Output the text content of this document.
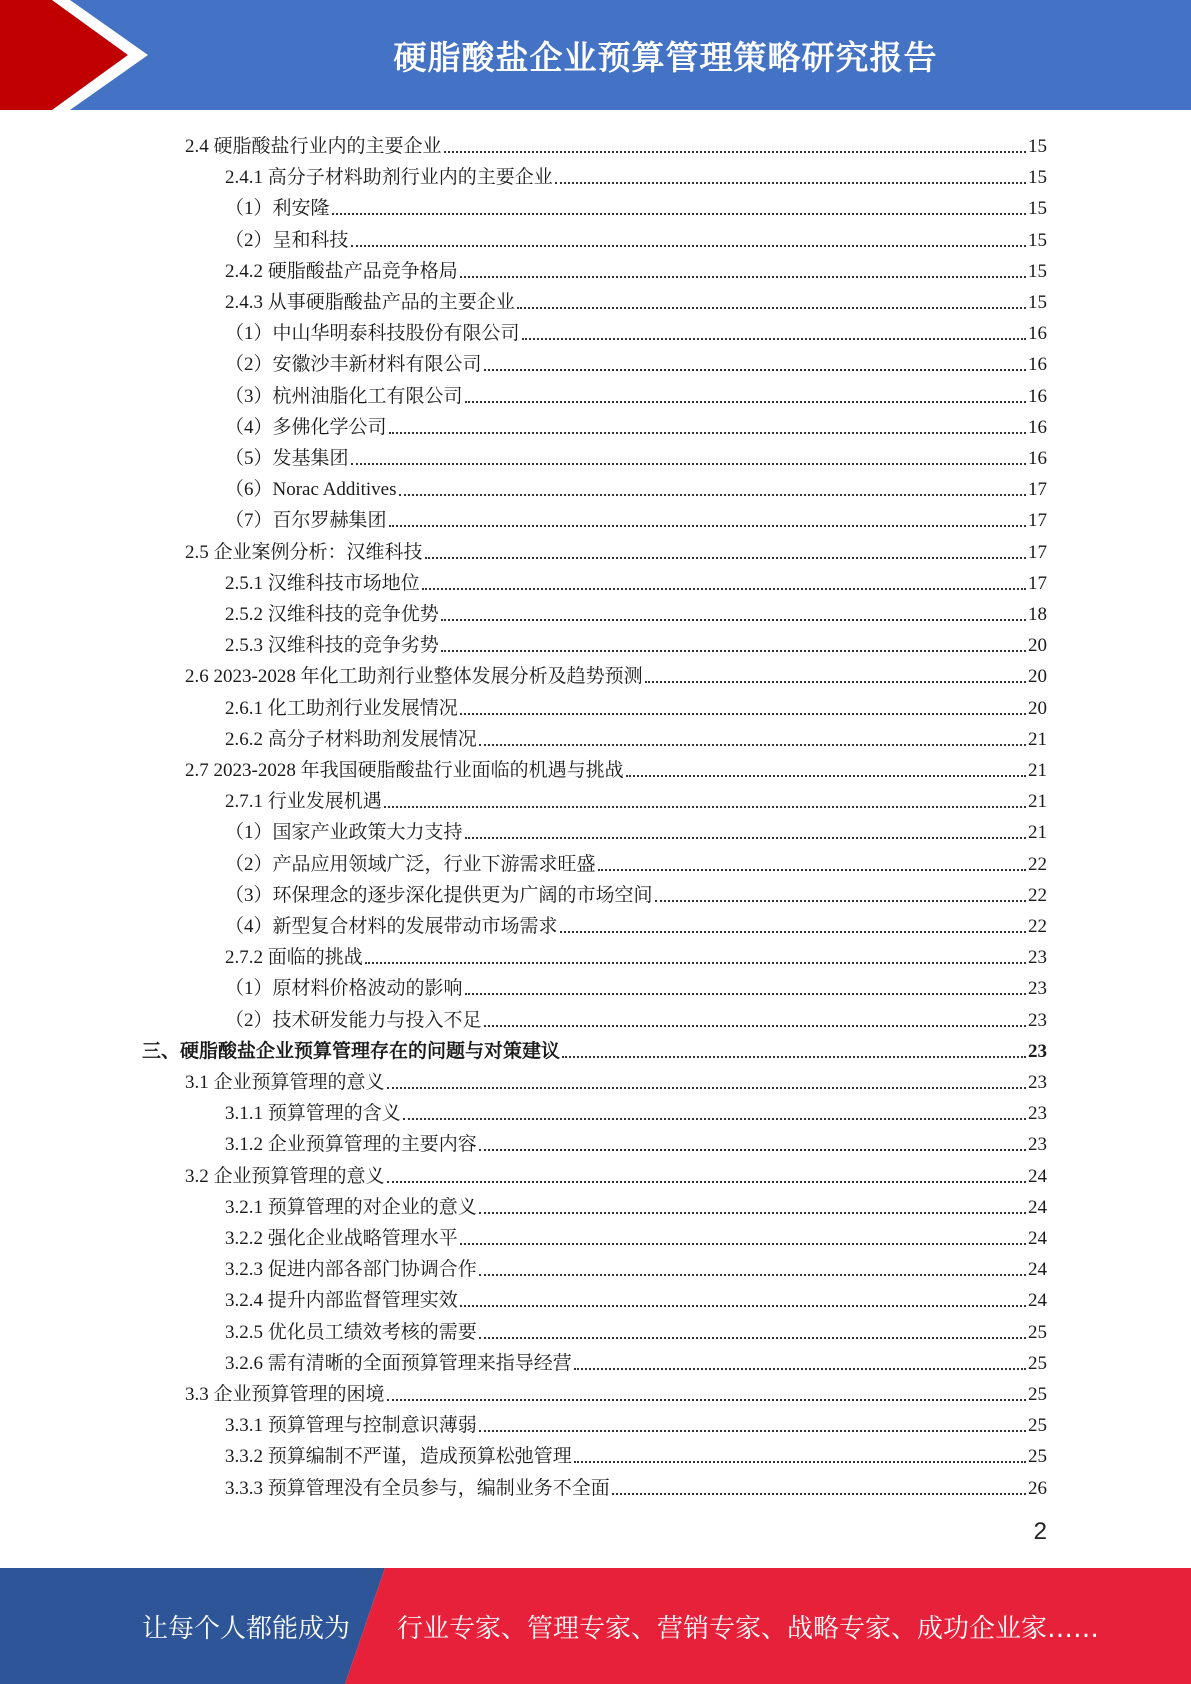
硬脂酸盐企业预算管理策略研究报告
2.4 硬脂酸盐行业内的主要企业	15
2.4.1 高分子材料助剂行业内的主要企业	15
（1）利安隆	15
（2）呈和科技	15
2.4.2 硬脂酸盐产品竞争格局	15
2.4.3 从事硬脂酸盐产品的主要企业	15
（1）中山华明泰科技股份有限公司	16
（2）安徽沙丰新材料有限公司	16
（3）杭州油脂化工有限公司	16
（4）多佛化学公司	16
（5）发基集团	16
（6）Norac Additives	17
（7）百尔罗赫集团	17
2.5 企业案例分析：汉维科技	17
2.5.1 汉维科技市场地位	17
2.5.2 汉维科技的竞争优势	18
2.5.3 汉维科技的竞争劣势	20
2.6 2023-2028 年化工助剂行业整体发展分析及趋势预测	20
2.6.1 化工助剂行业发展情况	20
2.6.2 高分子材料助剂发展情况	21
2.7 2023-2028 年我国硬脂酸盐行业面临的机遇与挑战	21
2.7.1 行业发展机遇	21
（1）国家产业政策大力支持	21
（2）产品应用领域广泛，行业下游需求旺盛	22
（3）环保理念的逐步深化提供更为广阔的市场空间	22
（4）新型复合材料的发展带动市场需求	22
2.7.2 面临的挑战	23
（1）原材料价格波动的影响	23
（2）技术研发能力与投入不足	23
三、硬脂酸盐企业预算管理存在的问题与对策建议	23
3.1 企业预算管理的意义	23
3.1.1 预算管理的含义	23
3.1.2 企业预算管理的主要内容	23
3.2 企业预算管理的意义	24
3.2.1 预算管理的对企业的意义	24
3.2.2 强化企业战略管理水平	24
3.2.3 促进内部各部门协调合作	24
3.2.4 提升内部监督管理实效	24
3.2.5 优化员工绩效考核的需要	25
3.2.6 需有清晰的全面预算管理来指导经营	25
3.3 企业预算管理的困境	25
3.3.1 预算管理与控制意识薄弱	25
3.3.2 预算编制不严谨，造成预算松弛管理	25
3.3.3 预算管理没有全员参与，编制业务不全面	26
2
让每个人都能成为 行业专家、管理专家、营销专家、战略专家、成功企业家……
